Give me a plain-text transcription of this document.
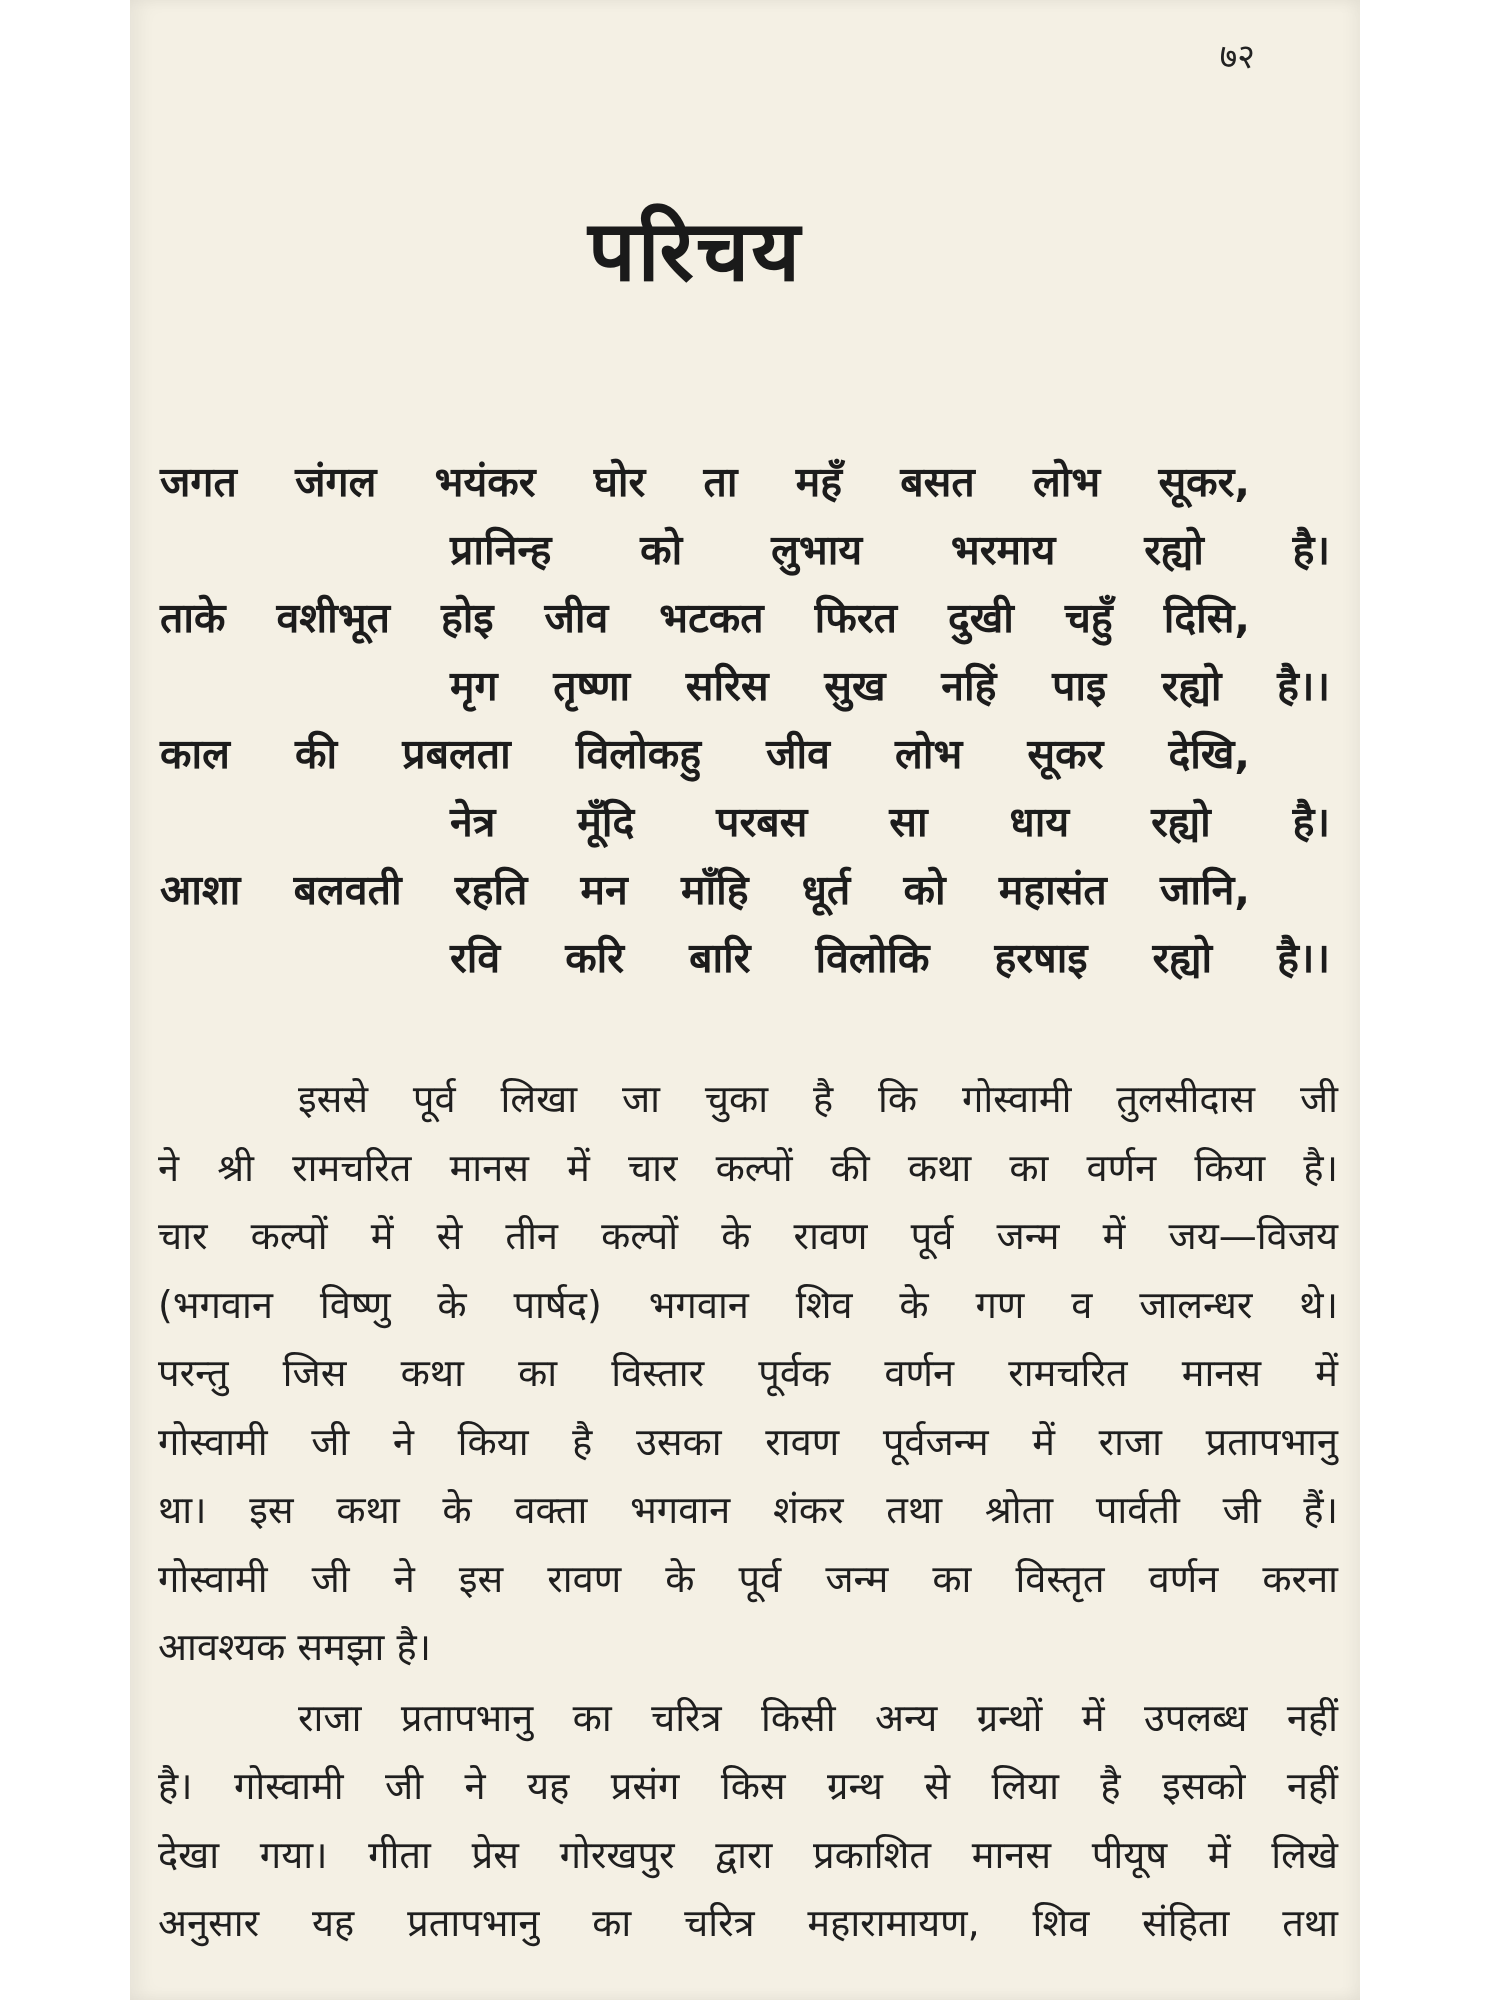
७२
परिचय
जगत जंगल भयंकर घोर ता महँ बसत लोभ सूकर,
प्रानिन्ह को लुभाय भरमाय रह्यो है।
ताके वशीभूत होइ जीव भटकत फिरत दुखी चहुँ दिसि,
मृग तृष्णा सरिस सुख नहिं पाइ रह्यो है।।
काल की प्रबलता विलोकहु जीव लोभ सूकर देखि,
नेत्र मूँदि परबस सा धाय रह्यो है।
आशा बलवती रहति मन माँहि धूर्त को महासंत जानि,
रवि करि बारि विलोकि हरषाइ रह्यो है।।
इससे पूर्व लिखा जा चुका है कि गोस्वामी तुलसीदास जी
ने श्री रामचरित मानस में चार कल्पों की कथा का वर्णन किया है।
चार कल्पों में से तीन कल्पों के रावण पूर्व जन्म में जय—विजय
(भगवान विष्णु के पार्षद) भगवान शिव के गण व जालन्धर थे।
परन्तु जिस कथा का विस्तार पूर्वक वर्णन रामचरित मानस में
गोस्वामी जी ने किया है उसका रावण पूर्वजन्म में राजा प्रतापभानु
था। इस कथा के वक्ता भगवान शंकर तथा श्रोता पार्वती जी हैं।
गोस्वामी जी ने इस रावण के पूर्व जन्म का विस्तृत वर्णन करना
आवश्यक समझा है।
राजा प्रतापभानु का चरित्र किसी अन्य ग्रन्थों में उपलब्ध नहीं
है। गोस्वामी जी ने यह प्रसंग किस ग्रन्थ से लिया है इसको नहीं
देखा गया। गीता प्रेस गोरखपुर द्वारा प्रकाशित मानस पीयूष में लिखे
अनुसार यह प्रतापभानु का चरित्र महारामायण, शिव संहिता तथा
